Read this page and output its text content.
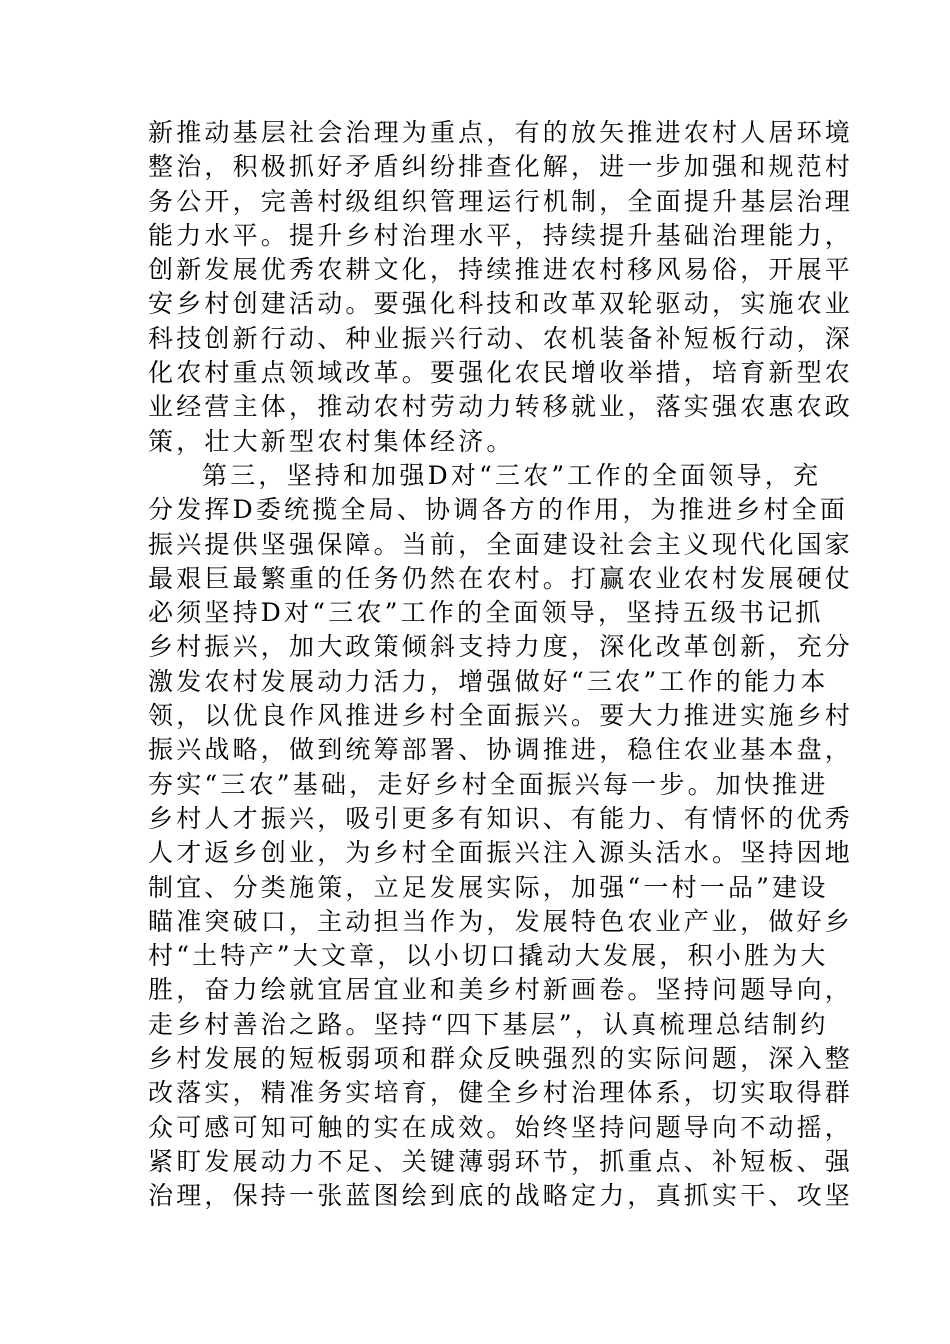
新推动基层社会治理为重点，有的放矢推进农村人居环境
整治，积极抓好矛盾纠纷排查化解，进一步加强和规范村
务公开，完善村级组织管理运行机制，全面提升基层治理
能力水平。提升乡村治理水平，持续提升基础治理能力，
创新发展优秀农耕文化，持续推进农村移风易俗，开展平
安乡村创建活动。要强化科技和改革双轮驱动，实施农业
科技创新行动、种业振兴行动、农机装备补短板行动，深
化农村重点领域改革。要强化农民增收举措，培育新型农
业经营主体，推动农村劳动力转移就业，落实强农惠农政
策，壮大新型农村集体经济。
第三，坚持和加强D对“三农”工作的全面领导，充
分发挥D委统揽全局、协调各方的作用，为推进乡村全面
振兴提供坚强保障。当前，全面建设社会主义现代化国家
最艰巨最繁重的任务仍然在农村。打赢农业农村发展硬仗
必须坚持D对“三农”工作的全面领导，坚持五级书记抓
乡村振兴，加大政策倾斜支持力度，深化改革创新，充分
激发农村发展动力活力，增强做好“三农”工作的能力本
领，以优良作风推进乡村全面振兴。要大力推进实施乡村
振兴战略，做到统筹部署、协调推进，稳住农业基本盘，
夯实“三农”基础，走好乡村全面振兴每一步。加快推进
乡村人才振兴，吸引更多有知识、有能力、有情怀的优秀
人才返乡创业，为乡村全面振兴注入源头活水。坚持因地
制宜、分类施策，立足发展实际，加强“一村一品”建设
瞄准突破口，主动担当作为，发展特色农业产业，做好乡
村“土特产”大文章，以小切口撬动大发展，积小胜为大
胜，奋力绘就宜居宜业和美乡村新画卷。坚持问题导向，
走乡村善治之路。坚持“四下基层”，认真梳理总结制约
乡村发展的短板弱项和群众反映强烈的实际问题，深入整
改落实，精准务实培育，健全乡村治理体系，切实取得群
众可感可知可触的实在成效。始终坚持问题导向不动摇，
紧盯发展动力不足、关键薄弱环节，抓重点、补短板、强
治理，保持一张蓝图绘到底的战略定力，真抓实干、攻坚
